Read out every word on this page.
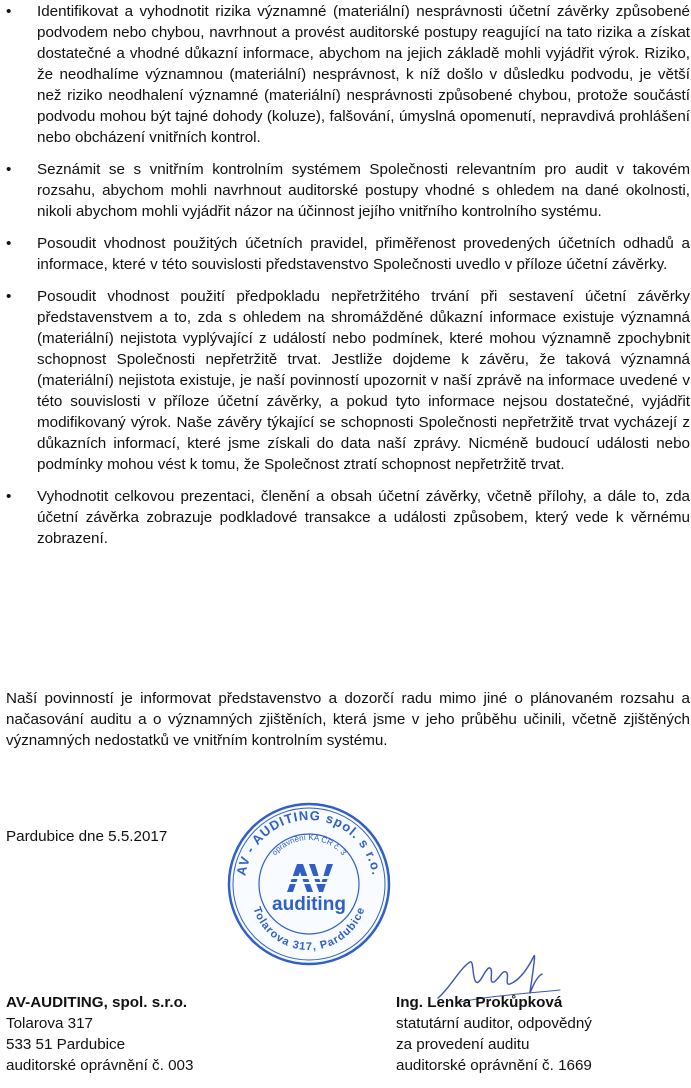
•	Identifikovat a vyhodnotit rizika významné (materiální) nesprávnosti účetní závěrky způsobené podvodem nebo chybou, navrhnout a provést auditorské postupy reagující na tato rizika a získat dostatečné a vhodné důkazní informace, abychom na jejich základě mohli vyjádřit výrok. Riziko, že neodhalíme významnou (materiální) nesprávnost, k níž došlo v důsledku podvodu, je větší než riziko neodhalení významné (materiální) nesprávnosti způsobené chybou, protože součástí podvodu mohou být tajné dohody (koluze), falšování, úmyslná opomenutí, nepravdivá prohlášení nebo obcházení vnitřních kontrol.
•	Seznámit se s vnitřním kontrolním systémem Společnosti relevantním pro audit v takovém rozsahu, abychom mohli navrhnout auditorské postupy vhodné s ohledem na dané okolnosti, nikoli abychom mohli vyjádřit názor na účinnost jejího vnitřního kontrolního systému.
•	Posoudit vhodnost použitých účetních pravidel, přiměřenost provedených účetních odhadů a informace, které v této souvislosti představenstvo Společnosti uvedlo v příloze účetní závěrky.
•	Posoudit vhodnost použití předpokladu nepřetržitého trvání při sestavení účetní závěrky představenstvem a to, zda s ohledem na shromážděné důkazní informace existuje významná (materiální) nejistota vyplývající z událostí nebo podmínek, které mohou významně zpochybnit schopnost Společnosti nepřetržitě trvat. Jestliže dojdeme k závěru, že taková významná (materiální) nejistota existuje, je naší povinností upozornit v naší zprávě na informace uvedené v této souvislosti v příloze účetní závěrky, a pokud tyto informace nejsou dostatečné, vyjádřit modifikovaný výrok. Naše závěry týkající se schopnosti Společnosti nepřetržitě trvat vycházejí z důkazních informací, které jsme získali do data naší zprávy. Nicméně budoucí události nebo podmínky mohou vést k tomu, že Společnost ztratí schopnost nepřetržitě trvat.
•	Vyhodnotit celkovou prezentaci, členění a obsah účetní závěrky, včetně přílohy, a dále to, zda účetní závěrka zobrazuje podkladové transakce a události způsobem, který vede k věrnému zobrazení.

Naší povinností je informovat představenstvo a dozorčí radu mimo jiné o plánovaném rozsahu a načasování auditu a o významných zjištěních, která jsme v jeho průběhu učinili, včetně zjištěných významných nedostatků ve vnitřním kontrolním systému.

Pardubice dne 5.5.2017

AV - AUDITING spol. s r.o.
oprávnění KA ČR č. 3
Tolarova 317, Pardubice
auditing
AV-AUDITING, spol. s.r.o.
Tolarova 317
533 51 Pardubice
auditorské oprávnění č. 003
Ing. Lenka Prokůpková
statutární auditor, odpovědný
za provedení auditu
auditorské oprávnění č. 1669
